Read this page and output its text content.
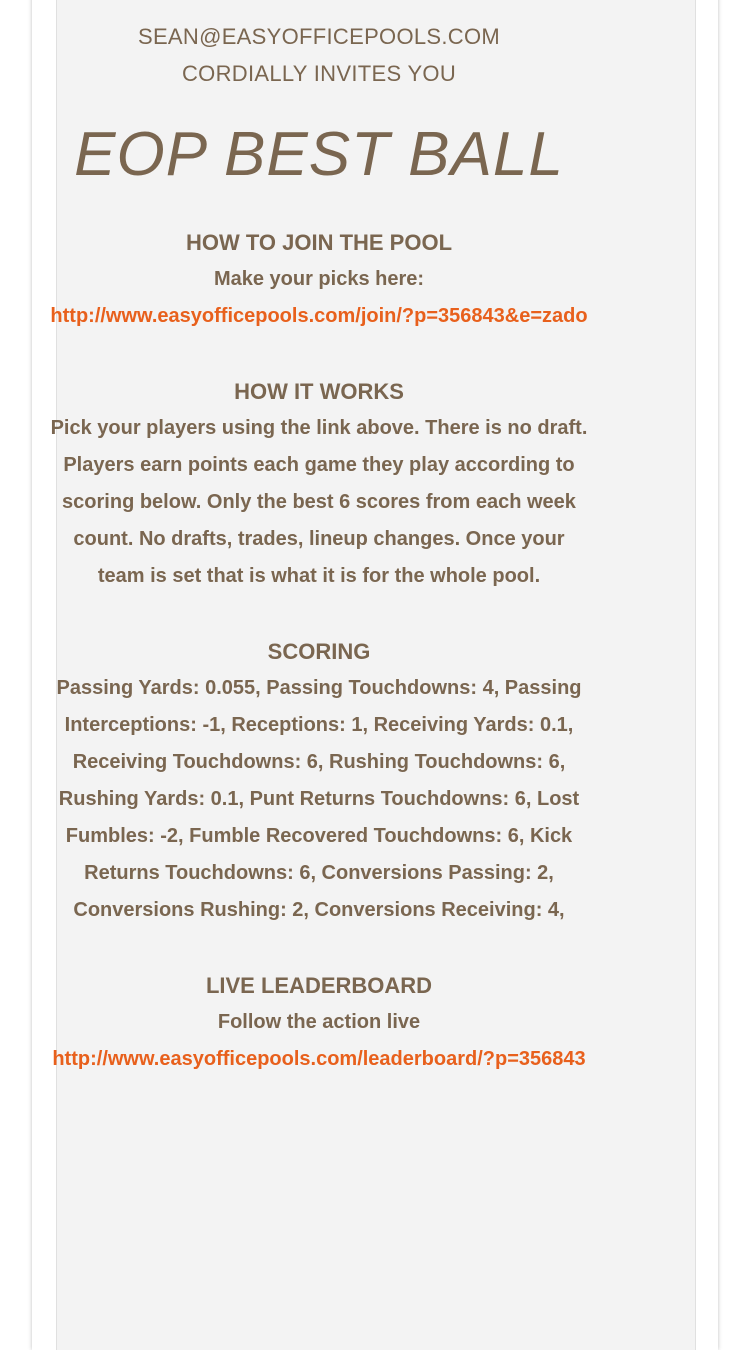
SEAN@EASYOFFICEPOOLS.COM

CORDIALLY INVITES YOU

EOP BEST BALL

HOW TO JOIN THE POOL

Make your picks here:

http://www.easyofficepools.com/join/?p=356843&e=zado

HOW IT WORKS

Pick your players using the link above. There is no draft. Players earn points each game they play according to scoring below. Only the best 6 scores from each week count. No drafts, trades, lineup changes. Once your team is set that is what it is for the whole pool.

SCORING

Passing Yards: 0.055, Passing Touchdowns: 4, Passing Interceptions: -1, Receptions: 1, Receiving Yards: 0.1, Receiving Touchdowns: 6, Rushing Touchdowns: 6, Rushing Yards: 0.1, Punt Returns Touchdowns: 6, Lost Fumbles: -2, Fumble Recovered Touchdowns: 6, Kick Returns Touchdowns: 6, Conversions Passing: 2, Conversions Rushing: 2, Conversions Receiving: 4,

LIVE LEADERBOARD

Follow the action live

http://www.easyofficepools.com/leaderboard/?p=356843
